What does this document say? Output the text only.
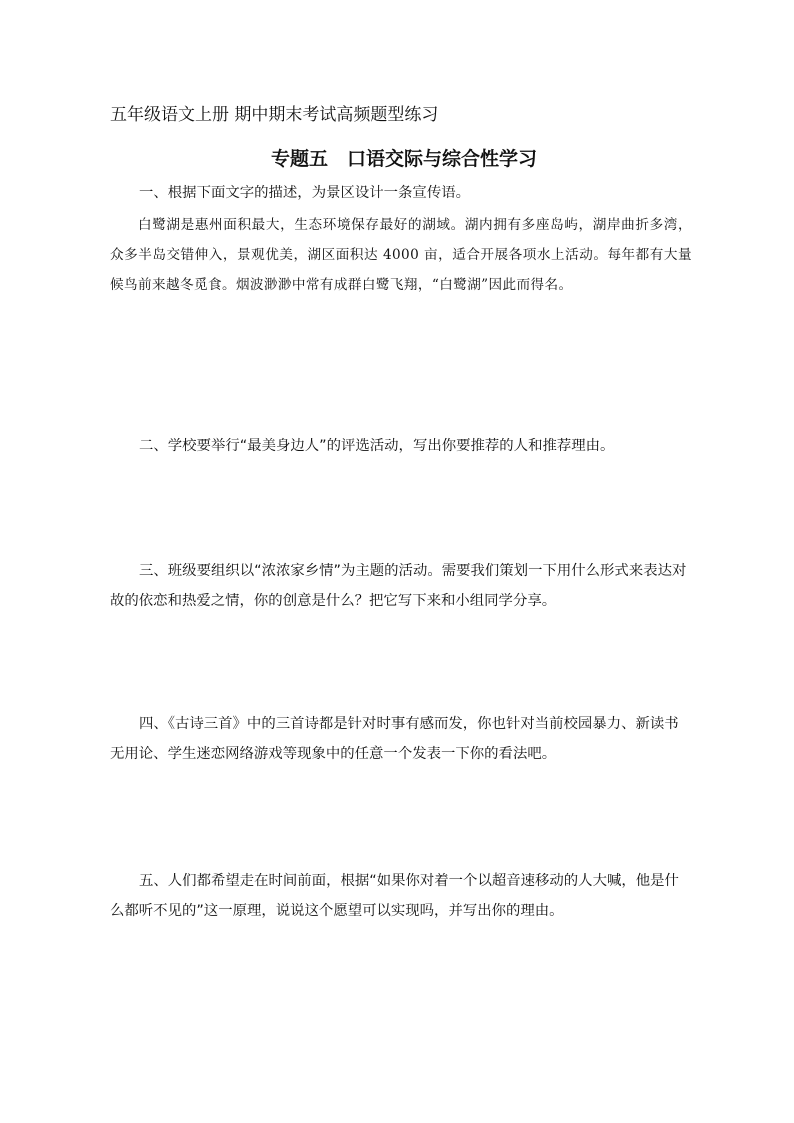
五年级语文上册 期中期末考试高频题型练习
专题五　口语交际与综合性学习

一、根据下面文字的描述，为景区设计一条宣传语。

白鹭湖是惠州面积最大，生态环境保存最好的湖域。湖内拥有多座岛屿，湖岸曲折多湾，众多半岛交错伸入，景观优美，湖区面积达 4000 亩，适合开展各项水上活动。每年都有大量候鸟前来越冬觅食。烟波渺渺中常有成群白鹭飞翔，“白鹭湖”因此而得名。

二、学校要举行“最美身边人”的评选活动，写出你要推荐的人和推荐理由。

三、班级要组织以“浓浓家乡情”为主题的活动。需要我们策划一下用什么形式来表达对故的依恋和热爱之情，你的创意是什么？把它写下来和小组同学分享。

四、《古诗三首》中的三首诗都是针对时事有感而发，你也针对当前校园暴力、新读书无用论、学生迷恋网络游戏等现象中的任意一个发表一下你的看法吧。

五、人们都希望走在时间前面，根据“如果你对着一个以超音速移动的人大喊，他是什么都听不见的”这一原理，说说这个愿望可以实现吗，并写出你的理由。
